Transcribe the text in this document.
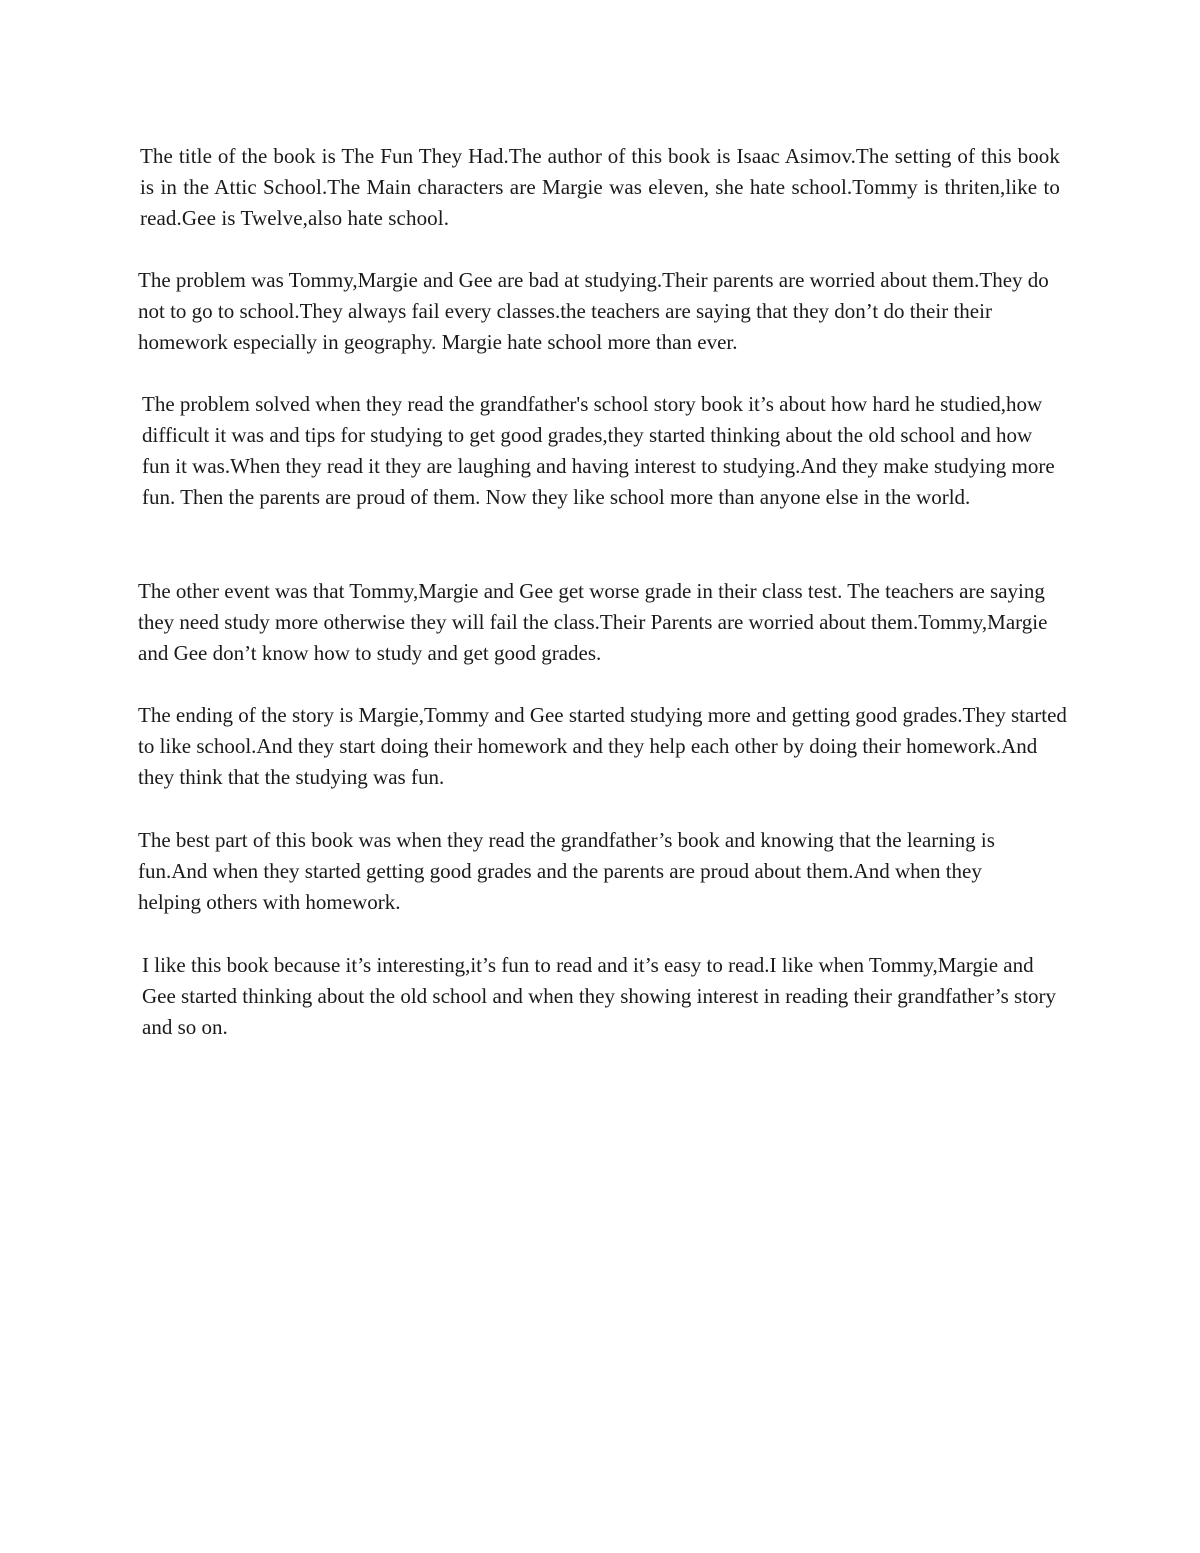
The title of the book is The Fun They Had.The author of this book is Isaac Asimov.The setting of this book is in the Attic School.The Main characters are Margie was eleven, she hate school.Tommy is thriten,like to read.Gee is Twelve,also hate school.

The problem was Tommy,Margie and Gee are bad at studying.Their parents are worried about them.They do not to go to school.They always fail every classes.the teachers are saying that they don’t do their their homework especially in geography. Margie hate school more than ever.

The problem solved when they read the grandfather's school story book it’s about how hard he studied,how difficult it was and tips for studying to get good grades,they started thinking about the old school and how fun it was.When they read it they are laughing and having interest to studying.And they make studying more fun. Then the parents are proud of them. Now they like school more than anyone else in the world.

The other event was that Tommy,Margie and Gee get worse grade in their class test. The teachers are saying they need study more otherwise they will fail the class.Their Parents are worried about them.Tommy,Margie and Gee don’t know how to study and get good grades.

The ending of the story is Margie,Tommy and Gee started studying more and getting good grades.They started to like school.And they start doing their homework and they help each other by doing their homework.And they think that the studying was fun.

The best part of this book was when they read the grandfather’s book and knowing that the learning is fun.And when they started getting good grades and the parents are proud about them.And when they helping others with homework.

I like this book because it’s interesting,it’s fun to read and it’s easy to read.I like when Tommy,Margie and Gee started thinking about the old school and when they showing interest in reading their grandfather’s story and so on.
